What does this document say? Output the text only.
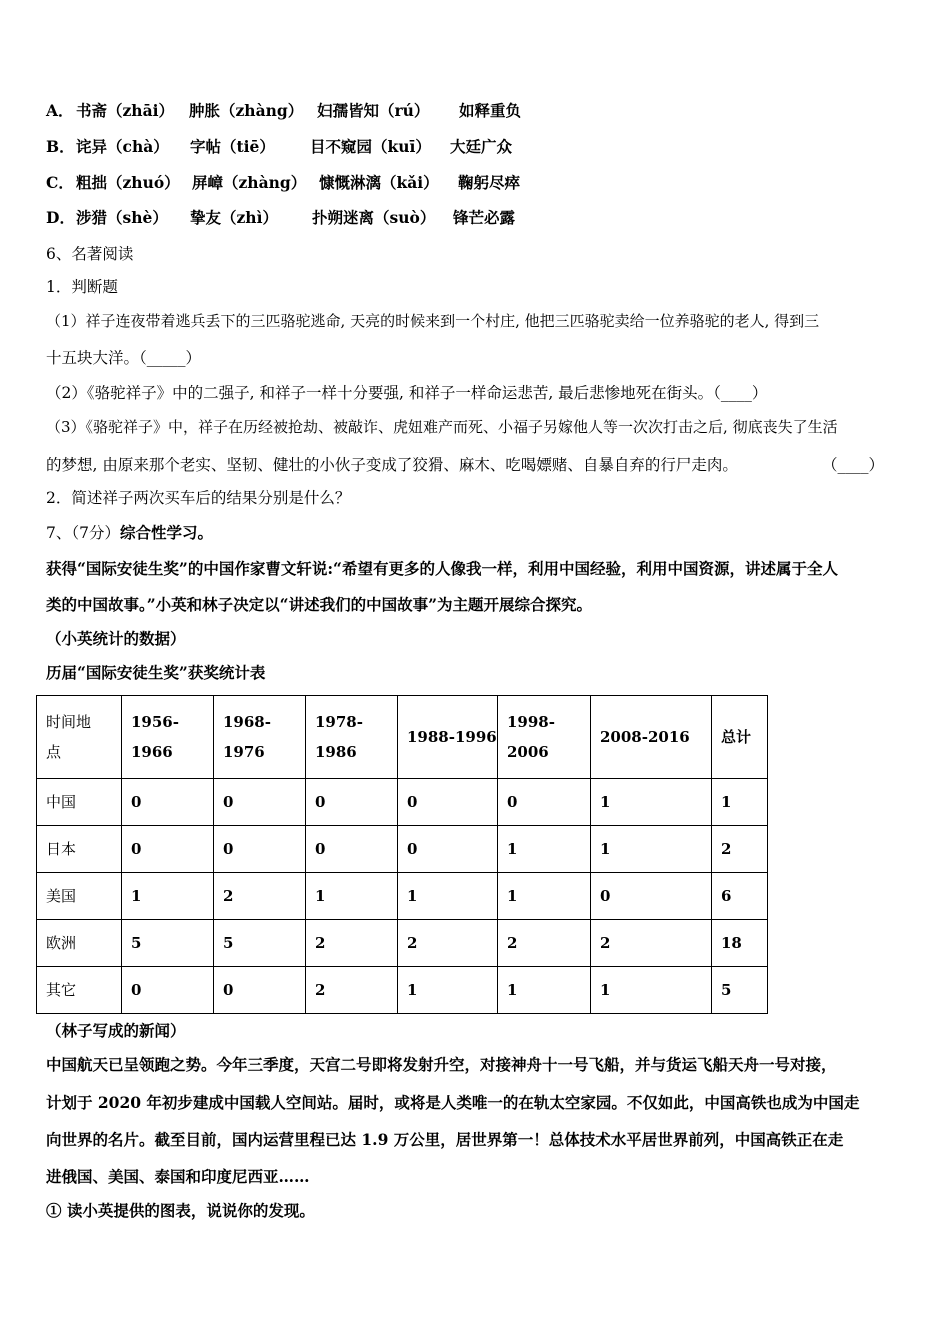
A． 书斋（zhāi） 肿胀（zhàng） 妇孺皆知（rú） 如释重负
B．诧异（chà） 字帖（tiē） 目不窥园（kuī） 大廷广众
C． 粗拙（zhuó） 屏嶂（zhàng） 慷慨淋漓（kǎi） 鞠躬尽瘁
D．涉猎（shè） 挚友（zhì） 扑朔迷离（suò） 锋芒必露
6、名著阅读
1．判断题
（1）祥子连夜带着逃兵丢下的三匹骆驼逃命, 天亮的时候来到一个村庄, 他把三匹骆驼卖给一位养骆驼的老人, 得到三
十五块大洋。（_____）
（2）《骆驼祥子》中的二强子, 和祥子一样十分要强, 和祥子一样命运悲苦, 最后悲惨地死在街头。（____）
（3）《骆驼祥子》中，祥子在历经被抢劫、被敲诈、虎妞难产而死、小福子另嫁他人等一次次打击之后, 彻底丧失了生活
的梦想, 由原来那个老实、坚韧、健壮的小伙子变成了狡猾、麻木、吃喝嫖赌、自暴自弃的行尸走肉。	（____）
2．简述祥子两次买车后的结果分别是什么？
7、（7分）综合性学习。
获得“国际安徒生奖”的中国作家曹文轩说:“希望有更多的人像我一样，利用中国经验，利用中国资源，讲述属于全人
类的中国故事。”小英和林子决定以“讲述我们的中国故事”为主题开展综合探究。
（小英统计的数据）
历届“国际安徒生奖”获奖统计表
时间地
点	1956-1966	1968-1976	1978-1986	1988-1996	1998-2006	2008-2016	总计
中国	0	0	0	0	0	1	1
日本	0	0	0	0	1	1	2
美国	1	2	1	1	1	0	6
欧洲	5	5	2	2	2	2	18
其它	0	0	2	1	1	1	5
（林子写成的新闻）
中国航天已呈领跑之势。今年三季度，天宫二号即将发射升空，对接神舟十一号飞船，并与货运飞船天舟一号对接，
计划于 2020 年初步建成中国载人空间站。届时，或将是人类唯一的在轨太空家园。不仅如此，中国高铁也成为中国走
向世界的名片。截至目前，国内运营里程已达 1.9 万公里，居世界第一！总体技术水平居世界前列，中国高铁正在走
进俄国、美国、泰国和印度尼西亚……
① 读小英提供的图表，说说你的发现。
